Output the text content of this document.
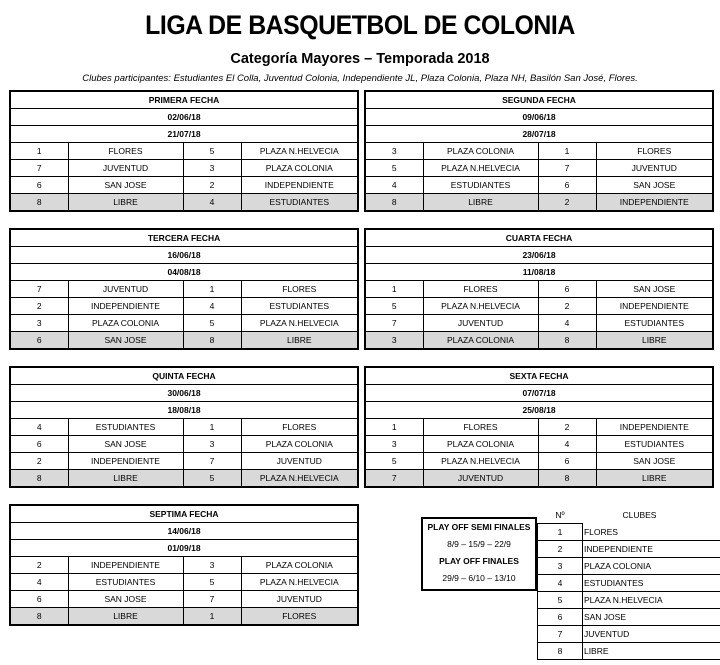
LIGA DE BASQUETBOL DE COLONIA
Categoría Mayores – Temporada 2018
Clubes participantes: Estudiantes El Colla, Juventud Colonia, Independiente JL, Plaza Colonia, Plaza NH, Basilón San José, Flores.
PRIMERA FECHA			
02/06/18			
21/07/18			
1	FLORES	5	PLAZA N.HELVECIA
7	JUVENTUD	3	PLAZA COLONIA
6	SAN JOSE	2	INDEPENDIENTE
8	LIBRE	4	ESTUDIANTES
SEGUNDA FECHA			
09/06/18			
28/07/18			
3	PLAZA COLONIA	1	FLORES
5	PLAZA N.HELVECIA	7	JUVENTUD
4	ESTUDIANTES	6	SAN JOSE
8	LIBRE	2	INDEPENDIENTE
TERCERA FECHA			
16/06/18			
04/08/18			
7	JUVENTUD	1	FLORES
2	INDEPENDIENTE	4	ESTUDIANTES
3	PLAZA COLONIA	5	PLAZA N.HELVECIA
6	SAN JOSE	8	LIBRE
CUARTA FECHA			
23/06/18			
11/08/18			
1	FLORES	6	SAN JOSE
5	PLAZA N.HELVECIA	2	INDEPENDIENTE
7	JUVENTUD	4	ESTUDIANTES
3	PLAZA COLONIA	8	LIBRE
QUINTA FECHA			
30/06/18			
18/08/18			
4	ESTUDIANTES	1	FLORES
6	SAN JOSE	3	PLAZA COLONIA
2	INDEPENDIENTE	7	JUVENTUD
8	LIBRE	5	PLAZA N.HELVECIA
SEXTA FECHA			
07/07/18			
25/08/18			
1	FLORES	2	INDEPENDIENTE
3	PLAZA COLONIA	4	ESTUDIANTES
5	PLAZA N.HELVECIA	6	SAN JOSE
7	JUVENTUD	8	LIBRE
SEPTIMA FECHA			
14/06/18			
01/09/18			
2	INDEPENDIENTE	3	PLAZA COLONIA
4	ESTUDIANTES	5	PLAZA N.HELVECIA
6	SAN JOSE	7	JUVENTUD
8	LIBRE	1	FLORES
PLAY OFF SEMI FINALES
8/9 – 15/9 – 22/9
PLAY OFF FINALES
29/9 – 6/10 – 13/10
Nº	CLUBES
1	FLORES
2	INDEPENDIENTE
3	PLAZA COLONIA
4	ESTUDIANTES
5	PLAZA N.HELVECIA
6	SAN JOSE
7	JUVENTUD
8	LIBRE
